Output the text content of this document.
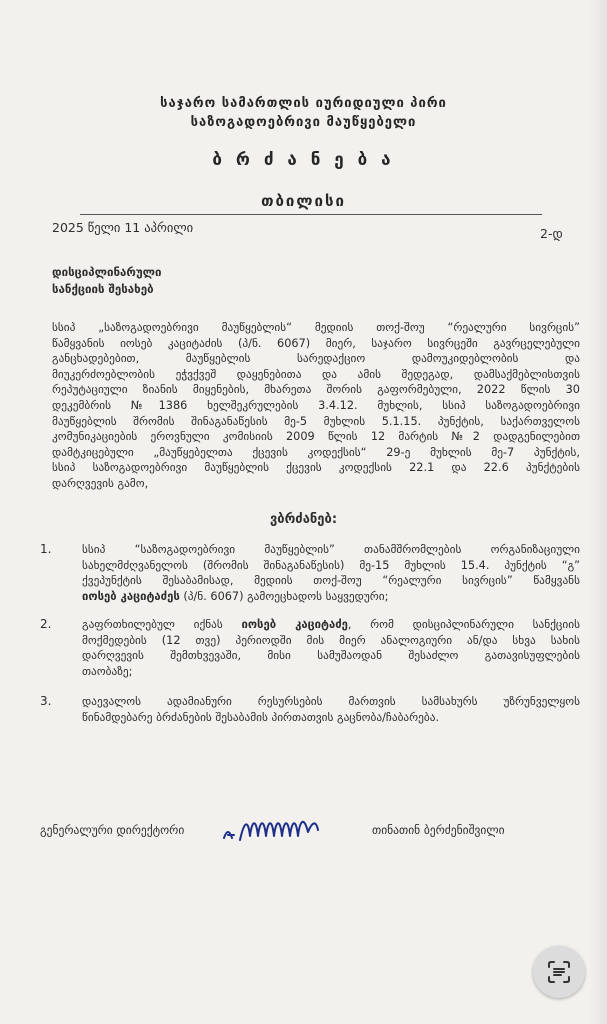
საჯარო სამართლის იურიდიული პირი
საზოგადოებრივი მაუწყებელი
ბ რ ძ ა ნ ე ბ ა
თბილისი
2025 წელი 11 აპრილი	2-დ
დისციპლინარული
სანქციის შესახებ
სსიპ „საზოგადოებრივი მაუწყებლის“ მედიის თოქ-შოუ “რეალური სივრცის”
წამყვანის იოსებ კაციტაძის (პ/ნ. 6067) მიერ, საჯარო სივრცეში გავრცელებული
განცხადებებით, მაუწყებლის სარედაქციო დამოუკიდებლობის და
მიუკერძოებლობის ეჭვქვეშ დაყენებითა და ამის შედეგად, დამსაქმებლისთვის
რეპუტაციული ზიანის მიყენების, მხარეთა შორის გაფორმებული, 2022 წლის 30
დეკემბრის №1386 ხელშეკრულების 3.4.12. მუხლის, სსიპ საზოგადოებრივი
მაუწყებლის შრომის შინაგანაწესის მე-5 მუხლის 5.1.15. პუნქტის, საქართველოს
კომუნიკაციების ეროვნული კომისიის 2009 წლის 12 მარტის №2 დადგენილებით
დამტკიცებული „მაუწყებელთა ქცევის კოდექსის“ 29-ე მუხლის მე-7 პუნქტის,
სსიპ საზოგადოებრივი მაუწყებლის ქცევის კოდექსის 22.1 და 22.6 პუნქტების
დარღვევის გამო,
ვბრძანებ:
1.	სსიპ “საზოგადოებრივი მაუწყებლის” თანამშრომლების ორგანიზაციული
სახელმძღვანელოს (შრომის შინაგანაწესის) მე-15 მუხლის 15.4. პუნქტის “გ”
ქვეპუნქტის შესაბამისად, მედიის თოქ-შოუ “რეალური სივრცის” წამყვანს
იოსებ კაციტაძეს (პ/ნ. 6067) გამოეცხადოს საყვედური;
2.	გაფრთხილებულ იქნას იოსებ კაციტაძე, რომ დისციპლინარული სანქციის
მოქმედების (12 თვე) პერიოდში მის მიერ ანალოგიური ან/და სხვა სახის
დარღვევის შემთხვევაში, მისი სამუშაოდან შესაძლო გათავისუფლების
თაობაზე;
3.	დაევალოს ადამიანური რესურსების მართვის სამსახურს უზრუნველყოს
წინამდებარე ბრძანების შესაბამის პირთათვის გაცნობა/ჩაბარება.
გენერალური დირექტორი	თინათინ ბერძენიშვილი
